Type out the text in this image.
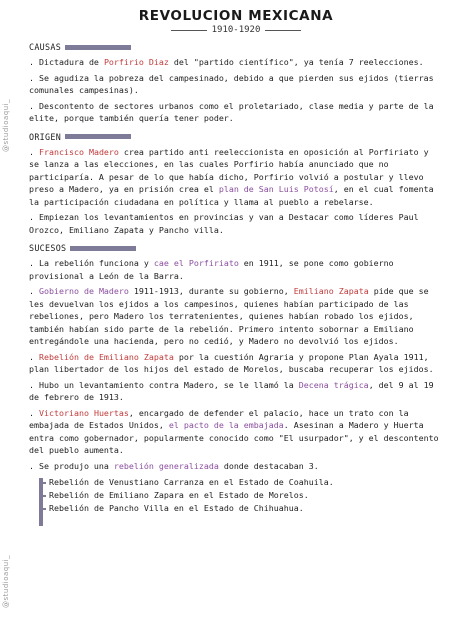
@studioaqui_
@studioaqui_
REVOLUCION MEXICANA
1910-1920
CAUSAS

. Dictadura de Porfirio Diaz del "partido científico", ya tenía 7 reelecciones.

. Se agudiza la pobreza del campesinado, debido a que pierden sus ejidos (tierras comunales campesinas).

. Descontento de sectores urbanos como el proletariado, clase media y parte de la elite, porque también quería tener poder.

ORIGEN

. Francisco Madero crea partido anti reeleccionista en oposición al Porfiriato y se lanza a las elecciones, en las cuales Porfirio había anunciado que no participaría. A pesar de lo que había dicho, Porfirio volvió a postular y llevo preso a Madero, ya en prisión crea el plan de San Luis Potosí, en el cual fomenta la participación ciudadana en política y llama al pueblo a rebelarse.

. Empiezan los levantamientos en provincias y van a Destacar como líderes Paul Orozco, Emiliano Zapata y Pancho villa.

SUCESOS

. La rebelión funciona y cae el Porfiriato en 1911, se pone como gobierno provisional a León de la Barra.

. Gobierno de Madero 1911-1913, durante su gobierno, Emiliano Zapata pide que se les devuelvan los ejidos a los campesinos, quienes habían participado de las rebeliones, pero Madero los terratenientes, quienes habían robado los ejidos, también habían sido parte de la rebelión. Primero intento sobornar a Emiliano entregándole una hacienda, pero no cedió, y Madero no devolvió los ejidos.

. Rebelión de Emiliano Zapata por la cuestión Agraria y propone Plan Ayala 1911, plan libertador de los hijos del estado de Morelos, buscaba recuperar los ejidos.

. Hubo un levantamiento contra Madero, se le llamó la Decena trágica, del 9 al 19 de febrero de 1913.

. Victoriano Huertas, encargado de defender el palacio, hace un trato con la embajada de Estados Unidos, el pacto de la embajada. Asesinan a Madero y Huerta entra como gobernador, popularmente conocido como "El usurpador", y el descontento del pueblo aumenta.

. Se produjo una rebelión generalizada donde destacaban 3.

Rebelión de Venustiano Carranza en el Estado de Coahuila.
Rebelión de Emiliano Zapara en el Estado de Morelos.
Rebelión de Pancho Villa en el Estado de Chihuahua.
